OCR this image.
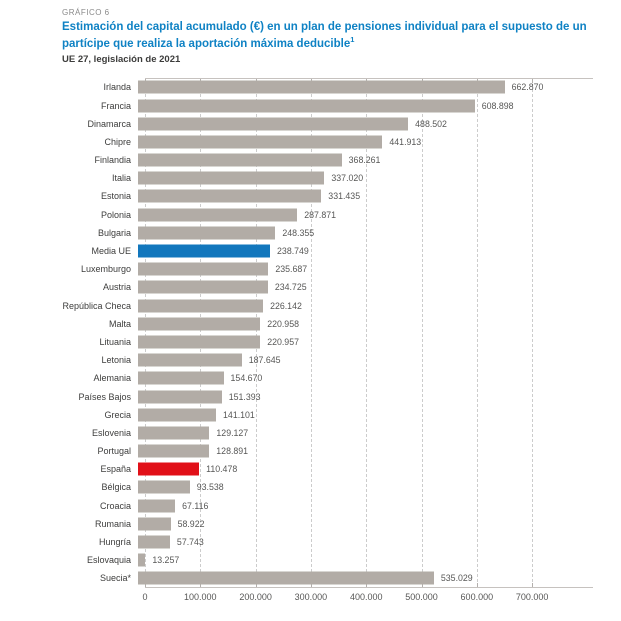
GRÁFICO 6
Estimación del capital acumulado (€) en un plan de pensiones individual para el supuesto de un partícipe que realiza la aportación máxima deducible$^1$
UE 27, legislación de 2021
Irlanda	662.870
Francia	608.898
Dinamarca	488.502
Chipre	441.913
Finlandia	368.261
Italia	337.020
Estonia	331.435
Polonia	287.871
Bulgaria	248.355
Media UE	238.749
Luxemburgo	235.687
Austria	234.725
República Checa	226.142
Malta	220.958
Lituania	220.957
Letonia	187.645
Alemania	154.670
Países Bajos	151.393
Grecia	141.101
Eslovenia	129.127
Portugal	128.891
España	110.478
Bélgica	93.538
Croacia	67.116
Rumania	58.922
Hungría	57.743
Eslovaquia	13.257
Suecia*	535.029
0	100.000	200.000	300.000	400.000	500.000	600.000	700.000
